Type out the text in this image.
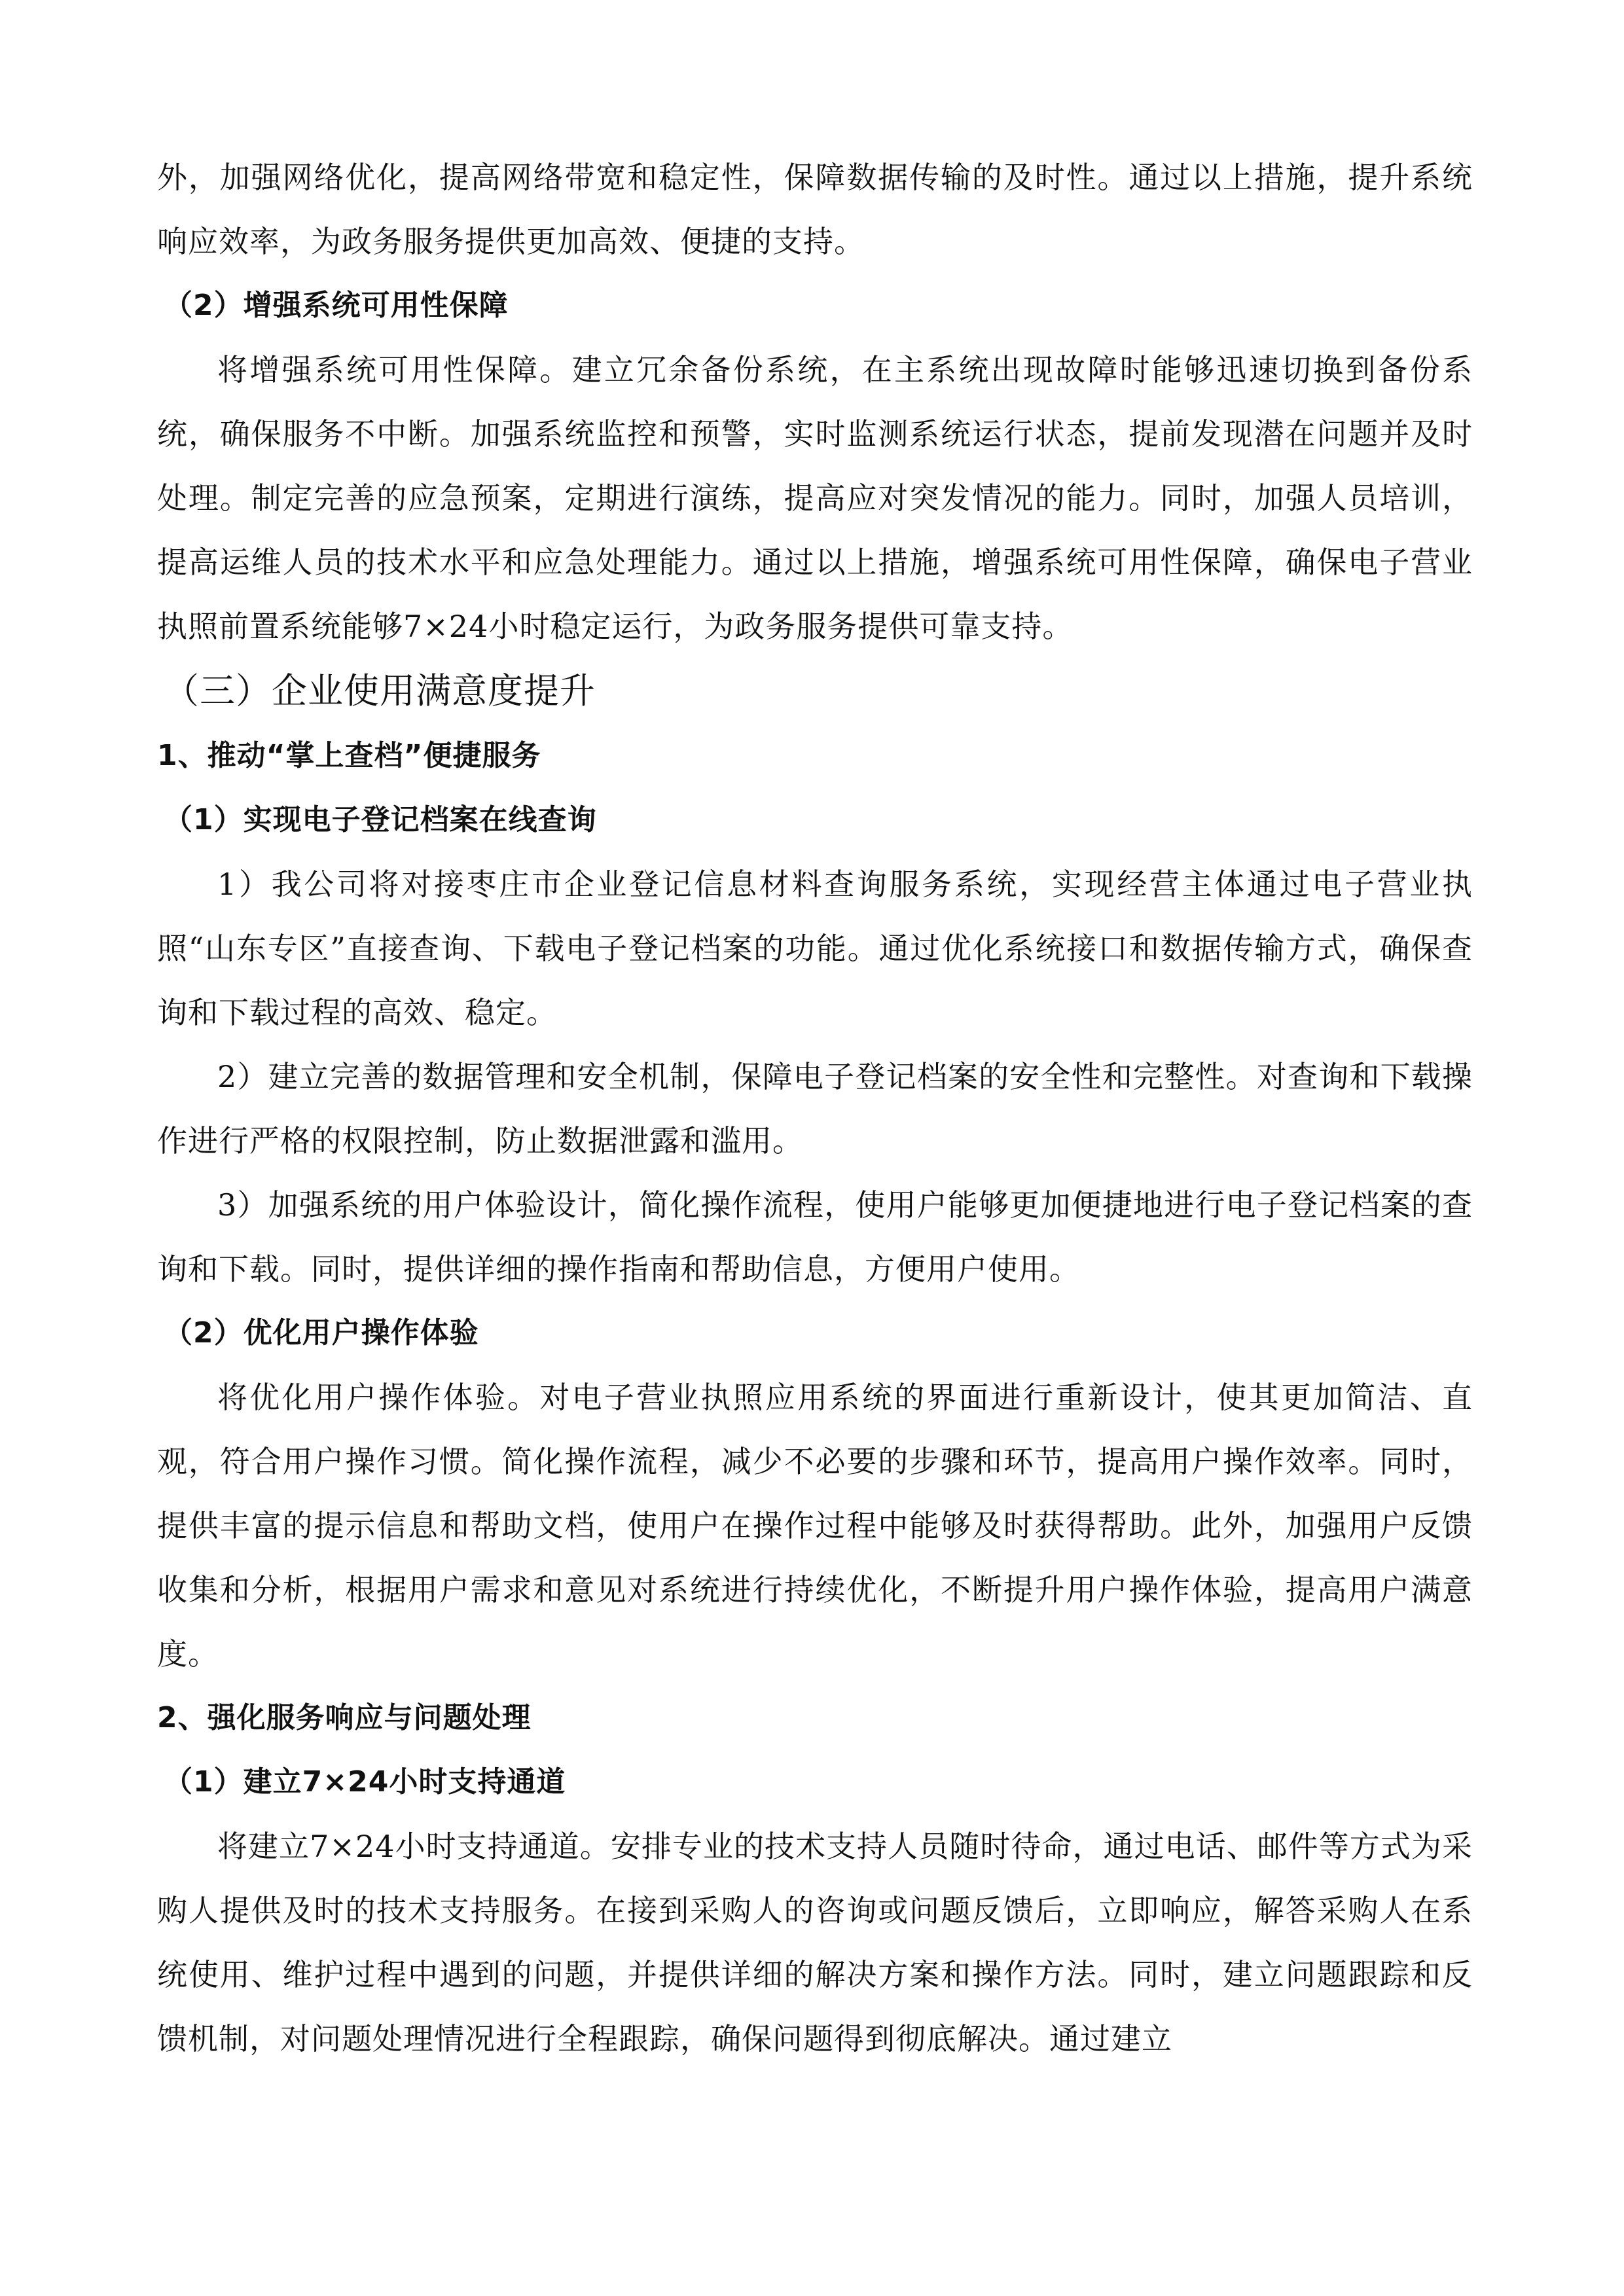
外，加强网络优化，提高网络带宽和稳定性，保障数据传输的及时性。通过以上措施，提升系统响应效率，为政务服务提供更加高效、便捷的支持。

（2）增强系统可用性保障

将增强系统可用性保障。建立冗余备份系统，在主系统出现故障时能够迅速切换到备份系统，确保服务不中断。加强系统监控和预警，实时监测系统运行状态，提前发现潜在问题并及时处理。制定完善的应急预案，定期进行演练，提高应对突发情况的能力。同时，加强人员培训，提高运维人员的技术水平和应急处理能力。通过以上措施，增强系统可用性保障，确保电子营业执照前置系统能够7×24小时稳定运行，为政务服务提供可靠支持。

（三）企业使用满意度提升

1、推动“掌上查档”便捷服务

（1）实现电子登记档案在线查询

1）我公司将对接枣庄市企业登记信息材料查询服务系统，实现经营主体通过电子营业执照“山东专区”直接查询、下载电子登记档案的功能。通过优化系统接口和数据传输方式，确保查询和下载过程的高效、稳定。

2）建立完善的数据管理和安全机制，保障电子登记档案的安全性和完整性。对查询和下载操作进行严格的权限控制，防止数据泄露和滥用。

3）加强系统的用户体验设计，简化操作流程，使用户能够更加便捷地进行电子登记档案的查询和下载。同时，提供详细的操作指南和帮助信息，方便用户使用。

（2）优化用户操作体验

将优化用户操作体验。对电子营业执照应用系统的界面进行重新设计，使其更加简洁、直观，符合用户操作习惯。简化操作流程，减少不必要的步骤和环节，提高用户操作效率。同时，提供丰富的提示信息和帮助文档，使用户在操作过程中能够及时获得帮助。此外，加强用户反馈收集和分析，根据用户需求和意见对系统进行持续优化，不断提升用户操作体验，提高用户满意度。

2、强化服务响应与问题处理

（1）建立7×24小时支持通道

将建立7×24小时支持通道。安排专业的技术支持人员随时待命，通过电话、邮件等方式为采购人提供及时的技术支持服务。在接到采购人的咨询或问题反馈后，立即响应，解答采购人在系统使用、维护过程中遇到的问题，并提供详细的解决方案和操作方法。同时，建立问题跟踪和反馈机制，对问题处理情况进行全程跟踪，确保问题得到彻底解决。通过建立
